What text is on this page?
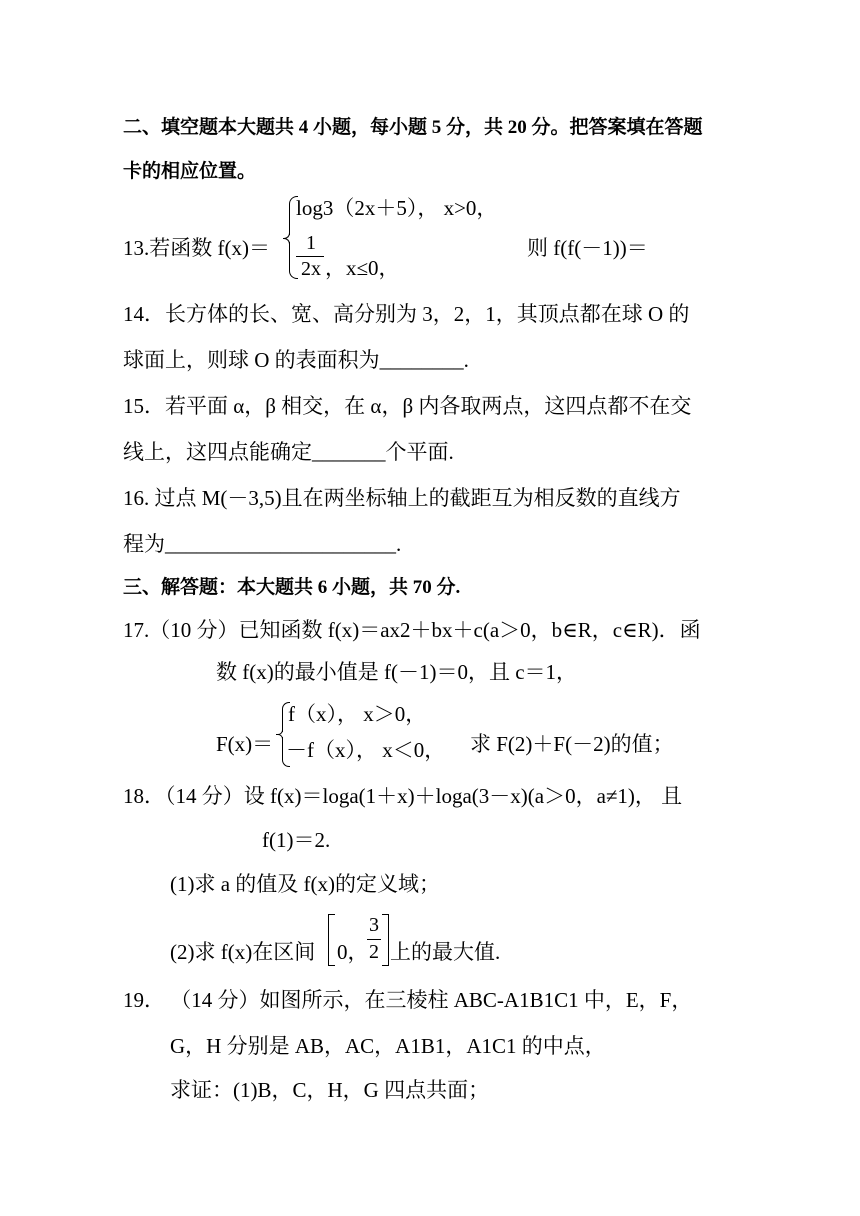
二、填空题本大题共 4 小题，每小题 5 分，共 20 分。把答案填在答题
卡的相应位置。
13.若函数 f(x)＝
log3（2x＋5）， x>0，
1
2x ，x≤0，
则 f(f(－1))＝
14．长方体的长、宽、高分别为 3，2，1，其顶点都在球 O 的
球面上，则球 O 的表面积为________.
15．若平面 α，β 相交，在 α，β 内各取两点，这四点都不在交
线上，这四点能确定_______个平面.
16. 过点 M(－3,5)且在两坐标轴上的截距互为相反数的直线方
程为______________________.
三、解答题：本大题共 6 小题，共 70 分.
17.（10 分）已知函数 f(x)＝ax2＋bx＋c(a＞0，b∈R，c∈R)．函
数 f(x)的最小值是 f(－1)＝0，且 c＝1，
F(x)＝
f（x）， x＞0，
－f（x）， x＜0， 求 F(2)＋F(－2)的值；
18．（14 分）设 f(x)＝loga(1＋x)＋loga(3－x)(a＞0，a≠1)， 且
f(1)＝2.
(1)求 a 的值及 f(x)的定义域；
(2)求 f(x)在区间 0，
3
2 上的最大值.
19． （14 分）如图所示，在三棱柱 ABC-A1B1C1 中，E，F，
G，H 分别是 AB，AC，A1B1，A1C1 的中点，
求证：(1)B，C，H，G 四点共面；
